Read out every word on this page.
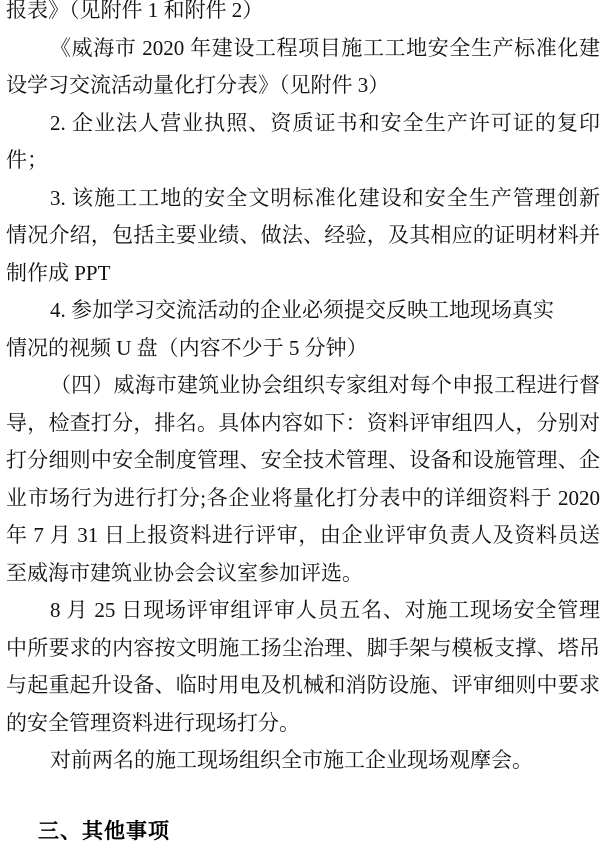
报表》（见附件 1 和附件 2）
《威海市 2020 年建设工程项目施工工地安全生产标准化建
设学习交流活动量化打分表》（见附件 3）
2. 企业法人营业执照、资质证书和安全生产许可证的复印
件；
3. 该施工工地的安全文明标准化建设和安全生产管理创新
情况介绍，包括主要业绩、做法、经验，及其相应的证明材料并
制作成 PPT
4. 参加学习交流活动的企业必须提交反映工地现场真实
情况的视频 U 盘（内容不少于 5 分钟）
（四）威海市建筑业协会组织专家组对每个申报工程进行督
导，检查打分，排名。具体内容如下：资料评审组四人，分别对
打分细则中安全制度管理、安全技术管理、设备和设施管理、企
业市场行为进行打分;各企业将量化打分表中的详细资料于 2020
年 7 月 31 日上报资料进行评审，由企业评审负责人及资料员送
至威海市建筑业协会会议室参加评选。
8 月 25 日现场评审组评审人员五名、对施工现场安全管理
中所要求的内容按文明施工扬尘治理、脚手架与模板支撑、塔吊
与起重起升设备、临时用电及机械和消防设施、评审细则中要求
的安全管理资料进行现场打分。
对前两名的施工现场组织全市施工企业现场观摩会。
三、其他事项
